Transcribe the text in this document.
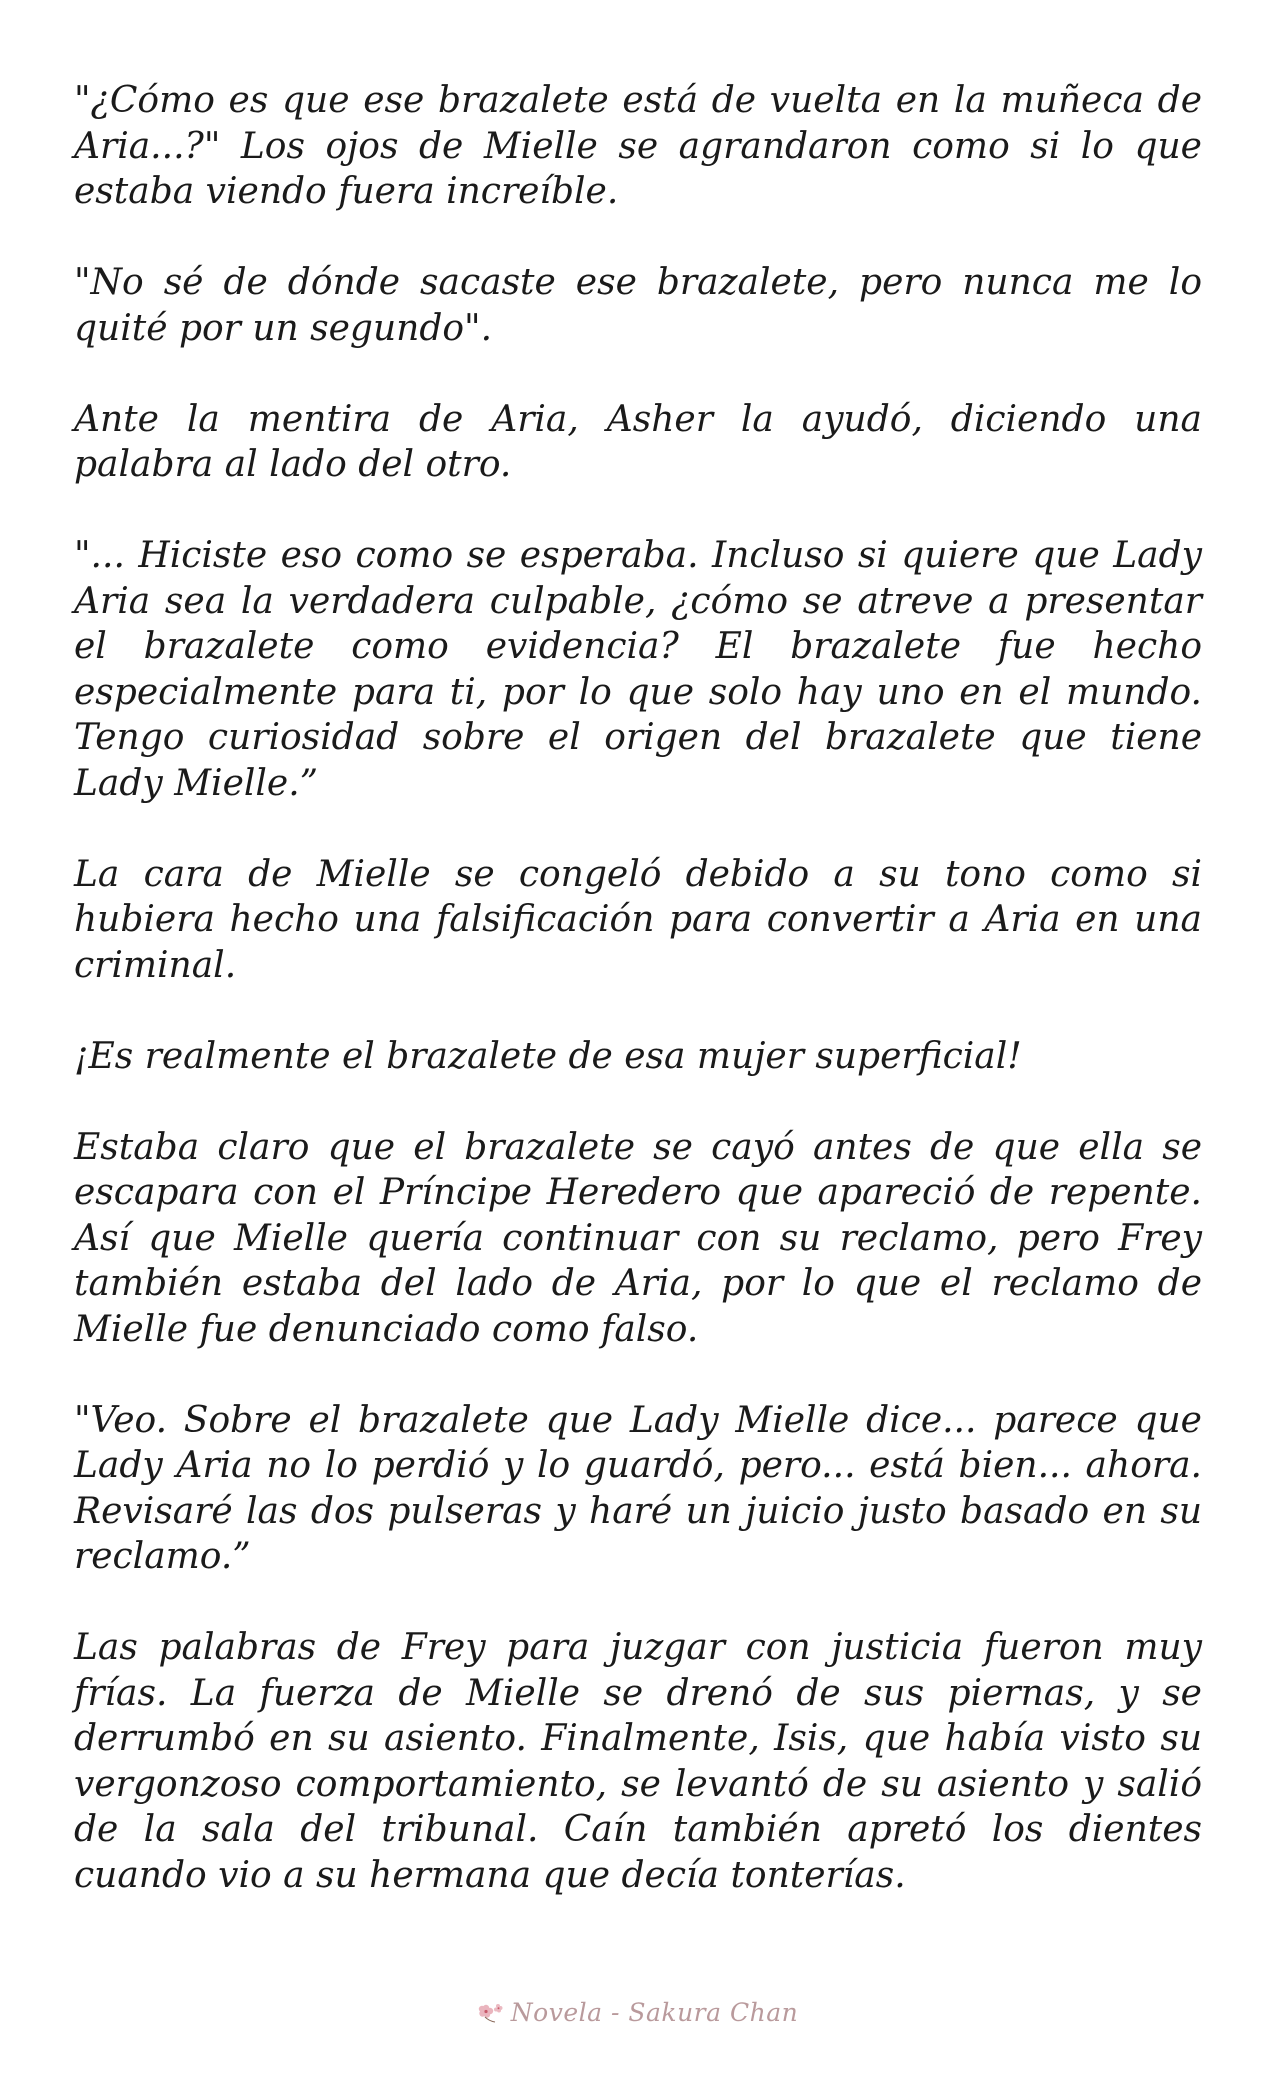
"¿Cómo es que ese brazalete está de vuelta en la muñeca de Aria...?" Los ojos de Mielle se agrandaron como si lo que estaba viendo fuera increíble.

"No sé de dónde sacaste ese brazalete, pero nunca me lo quité por un segundo".

Ante la mentira de Aria, Asher la ayudó, diciendo una palabra al lado del otro.

"... Hiciste eso como se esperaba. Incluso si quiere que Lady Aria sea la verdadera culpable, ¿cómo se atreve a presentar el brazalete como evidencia? El brazalete fue hecho especialmente para ti, por lo que solo hay uno en el mundo. Tengo curiosidad sobre el origen del brazalete que tiene Lady Mielle.”

La cara de Mielle se congeló debido a su tono como si hubiera hecho una falsificación para convertir a Aria en una criminal.

¡Es realmente el brazalete de esa mujer superficial!

Estaba claro que el brazalete se cayó antes de que ella se escapara con el Príncipe Heredero que apareció de repente. Así que Mielle quería continuar con su reclamo, pero Frey también estaba del lado de Aria, por lo que el reclamo de Mielle fue denunciado como falso.

"Veo. Sobre el brazalete que Lady Mielle dice... parece que Lady Aria no lo perdió y lo guardó, pero... está bien... ahora. Revisaré las dos pulseras y haré un juicio justo basado en su reclamo.”

Las palabras de Frey para juzgar con justicia fueron muy frías. La fuerza de Mielle se drenó de sus piernas, y se derrumbó en su asiento. Finalmente, Isis, que había visto su vergonzoso comportamiento, se levantó de su asiento y salió de la sala del tribunal. Caín también apretó los dientes cuando vio a su hermana que decía tonterías.

Novela - Sakura Chan
